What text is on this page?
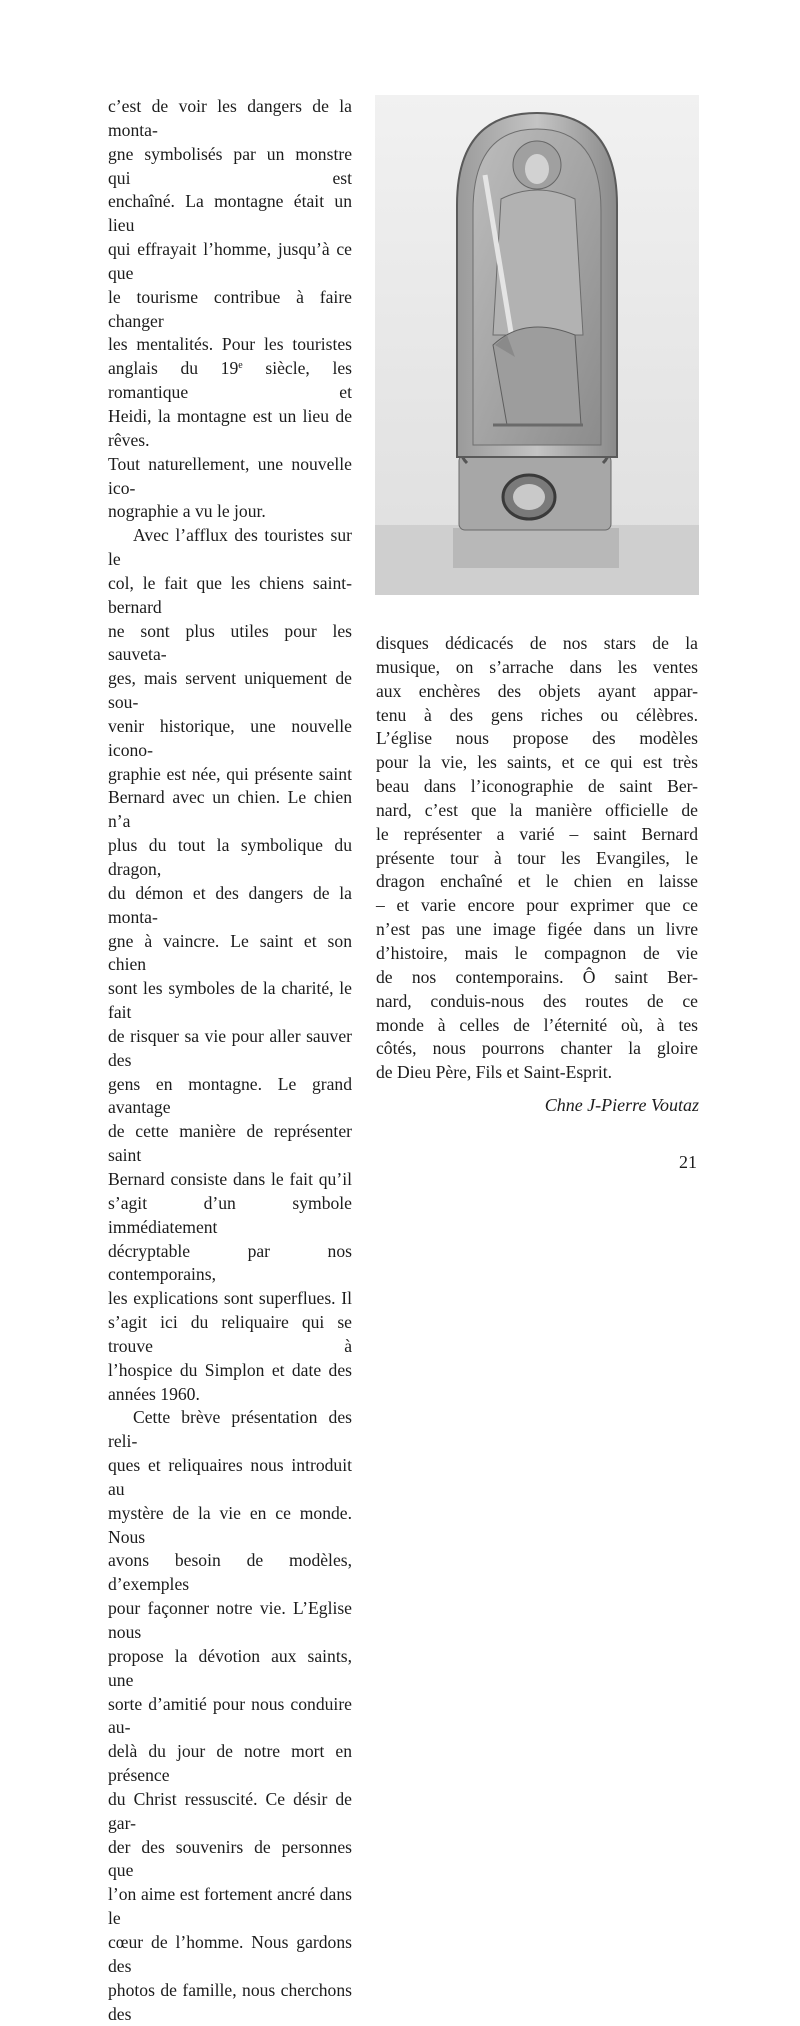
c’est de voir les dangers de la monta-
gne symbolisés par un monstre qui est
enchaîné. La montagne était un lieu
qui effrayait l’homme, jusqu’à ce que
le tourisme contribue à faire changer
les mentalités. Pour les touristes
anglais du 19e siècle, les romantique et
Heidi, la montagne est un lieu de rêves.
Tout naturellement, une nouvelle ico-

nographie a vu le jour.

Avec l’afflux des touristes sur le
col, le fait que les chiens saint-bernard
ne sont plus utiles pour les sauveta-
ges, mais servent uniquement de sou-
venir historique, une nouvelle icono-
graphie est née, qui présente saint
Bernard avec un chien. Le chien n’a
plus du tout la symbolique du dragon,
du démon et des dangers de la monta-
gne à vaincre. Le saint et son chien
sont les symboles de la charité, le fait
de risquer sa vie pour aller sauver des
gens en montagne. Le grand avantage
de cette manière de représenter saint
Bernard consiste dans le fait qu’il
s’agit d’un symbole immédiatement
décryptable par nos contemporains,
les explications sont superflues. Il
s’agit ici du reliquaire qui se trouve à
l’hospice du Simplon et date des

années 1960.

Cette brève présentation des reli-
ques et reliquaires nous introduit au
mystère de la vie en ce monde. Nous
avons besoin de modèles, d’exemples
pour façonner notre vie. L’Eglise nous
propose la dévotion aux saints, une
sorte d’amitié pour nous conduire au-
delà du jour de notre mort en présence
du Christ ressuscité. Ce désir de gar-
der des souvenirs de personnes que
l’on aime est fortement ancré dans le
cœur de l’homme. Nous gardons des
photos de famille, nous cherchons des

disques dédicacés de nos stars de la
musique, on s’arrache dans les ventes
aux enchères des objets ayant appar-
tenu à des gens riches ou célèbres.
L’église nous propose des modèles
pour la vie, les saints, et ce qui est très
beau dans l’iconographie de saint Ber-
nard, c’est que la manière officielle de
le représenter a varié – saint Bernard
présente tour à tour les Evangiles, le
dragon enchaîné et le chien en laisse
– et varie encore pour exprimer que ce
n’est pas une image figée dans un livre
d’histoire, mais le compagnon de vie
de nos contemporains. Ô saint Ber-
nard, conduis-nous des routes de ce
monde à celles de l’éternité où, à tes
côtés, nous pourrons chanter la gloire

de Dieu Père, Fils et Saint-Esprit.

Chne J-Pierre Voutaz
21
